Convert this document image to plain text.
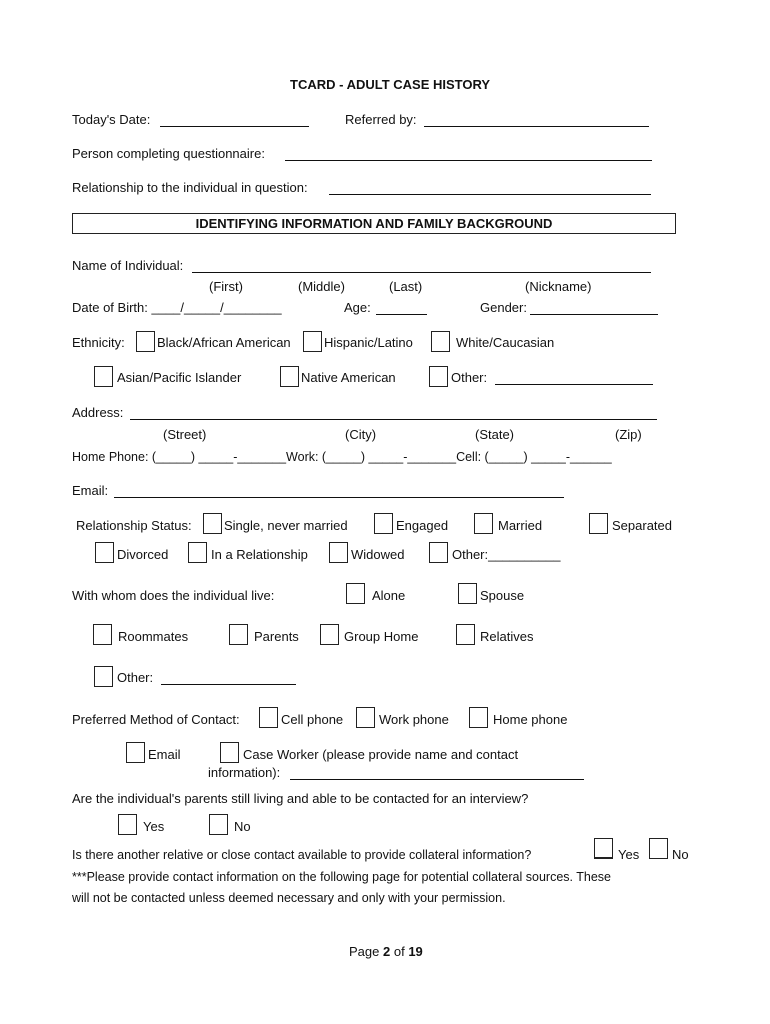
TCARD - ADULT CASE HISTORY
Today's Date:	Referred by:
Person completing questionnaire:
Relationship to the individual in question:
IDENTIFYING INFORMATION AND FAMILY BACKGROUND
Name of Individual:
(First)	(Middle)	(Last)	(Nickname)
Date of Birth: ____/_____/________	Age:	Gender:
Ethnicity: Black/African American	Hispanic/Latino	White/Caucasian
Asian/Pacific Islander	Native American	Other:
Address:
(Street)	(City)	(State)	(Zip)
Home Phone: (_____) _____-_______Work: (_____) _____-_______Cell: (_____) _____-______
Email:
Relationship Status: Single, never married	Engaged	Married	Separated
Divorced	In a Relationship	Widowed	Other:__________
With whom does the individual live:	Alone	Spouse
Roommates	Parents	Group Home	Relatives
Other:
Preferred Method of Contact:	Cell phone	Work phone	Home phone
Email	Case Worker (please provide name and contact
information):
Are the individual's parents still living and able to be contacted for an interview?
Yes	No
Is there another relative or close contact available to provide collateral information?	Yes	No
***Please provide contact information on the following page for potential collateral sources. These
will not be contacted unless deemed necessary and only with your permission.
Page 2 of 19
